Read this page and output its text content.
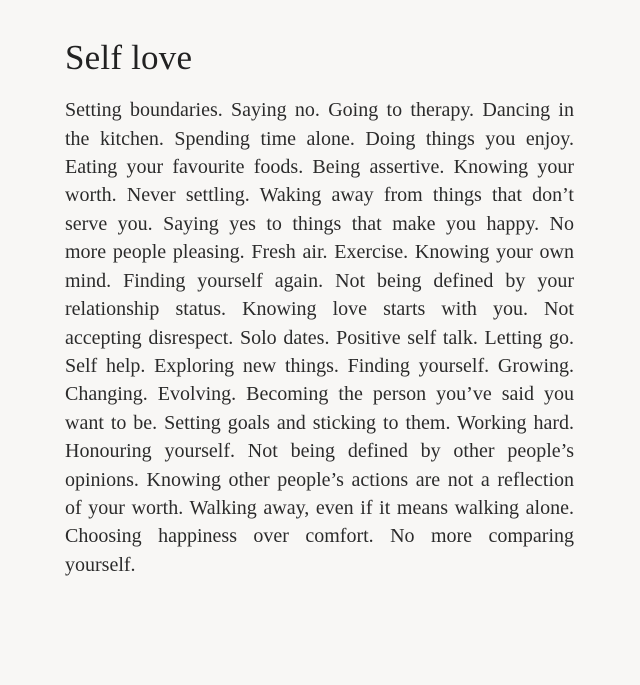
Self love

Setting boundaries. Saying no. Going to therapy. Dancing in the kitchen. Spending time alone. Doing things you enjoy. Eating your favourite foods. Being assertive. Knowing your worth. Never settling. Waking away from things that don’t serve you. Saying yes to things that make you happy. No more people pleasing. Fresh air. Exercise. Knowing your own mind. Finding yourself again. Not being defined by your relationship status. Knowing love starts with you. Not accepting disrespect. Solo dates. Positive self talk. Letting go. Self help. Exploring new things. Finding yourself. Growing. Changing. Evolving. Becoming the person you’ve said you want to be. Setting goals and sticking to them. Working hard. Honouring yourself. Not being defined by other people’s opinions. Knowing other people’s actions are not a reflection of your worth. Walking away, even if it means walking alone. Choosing happiness over comfort. No more comparing yourself.
